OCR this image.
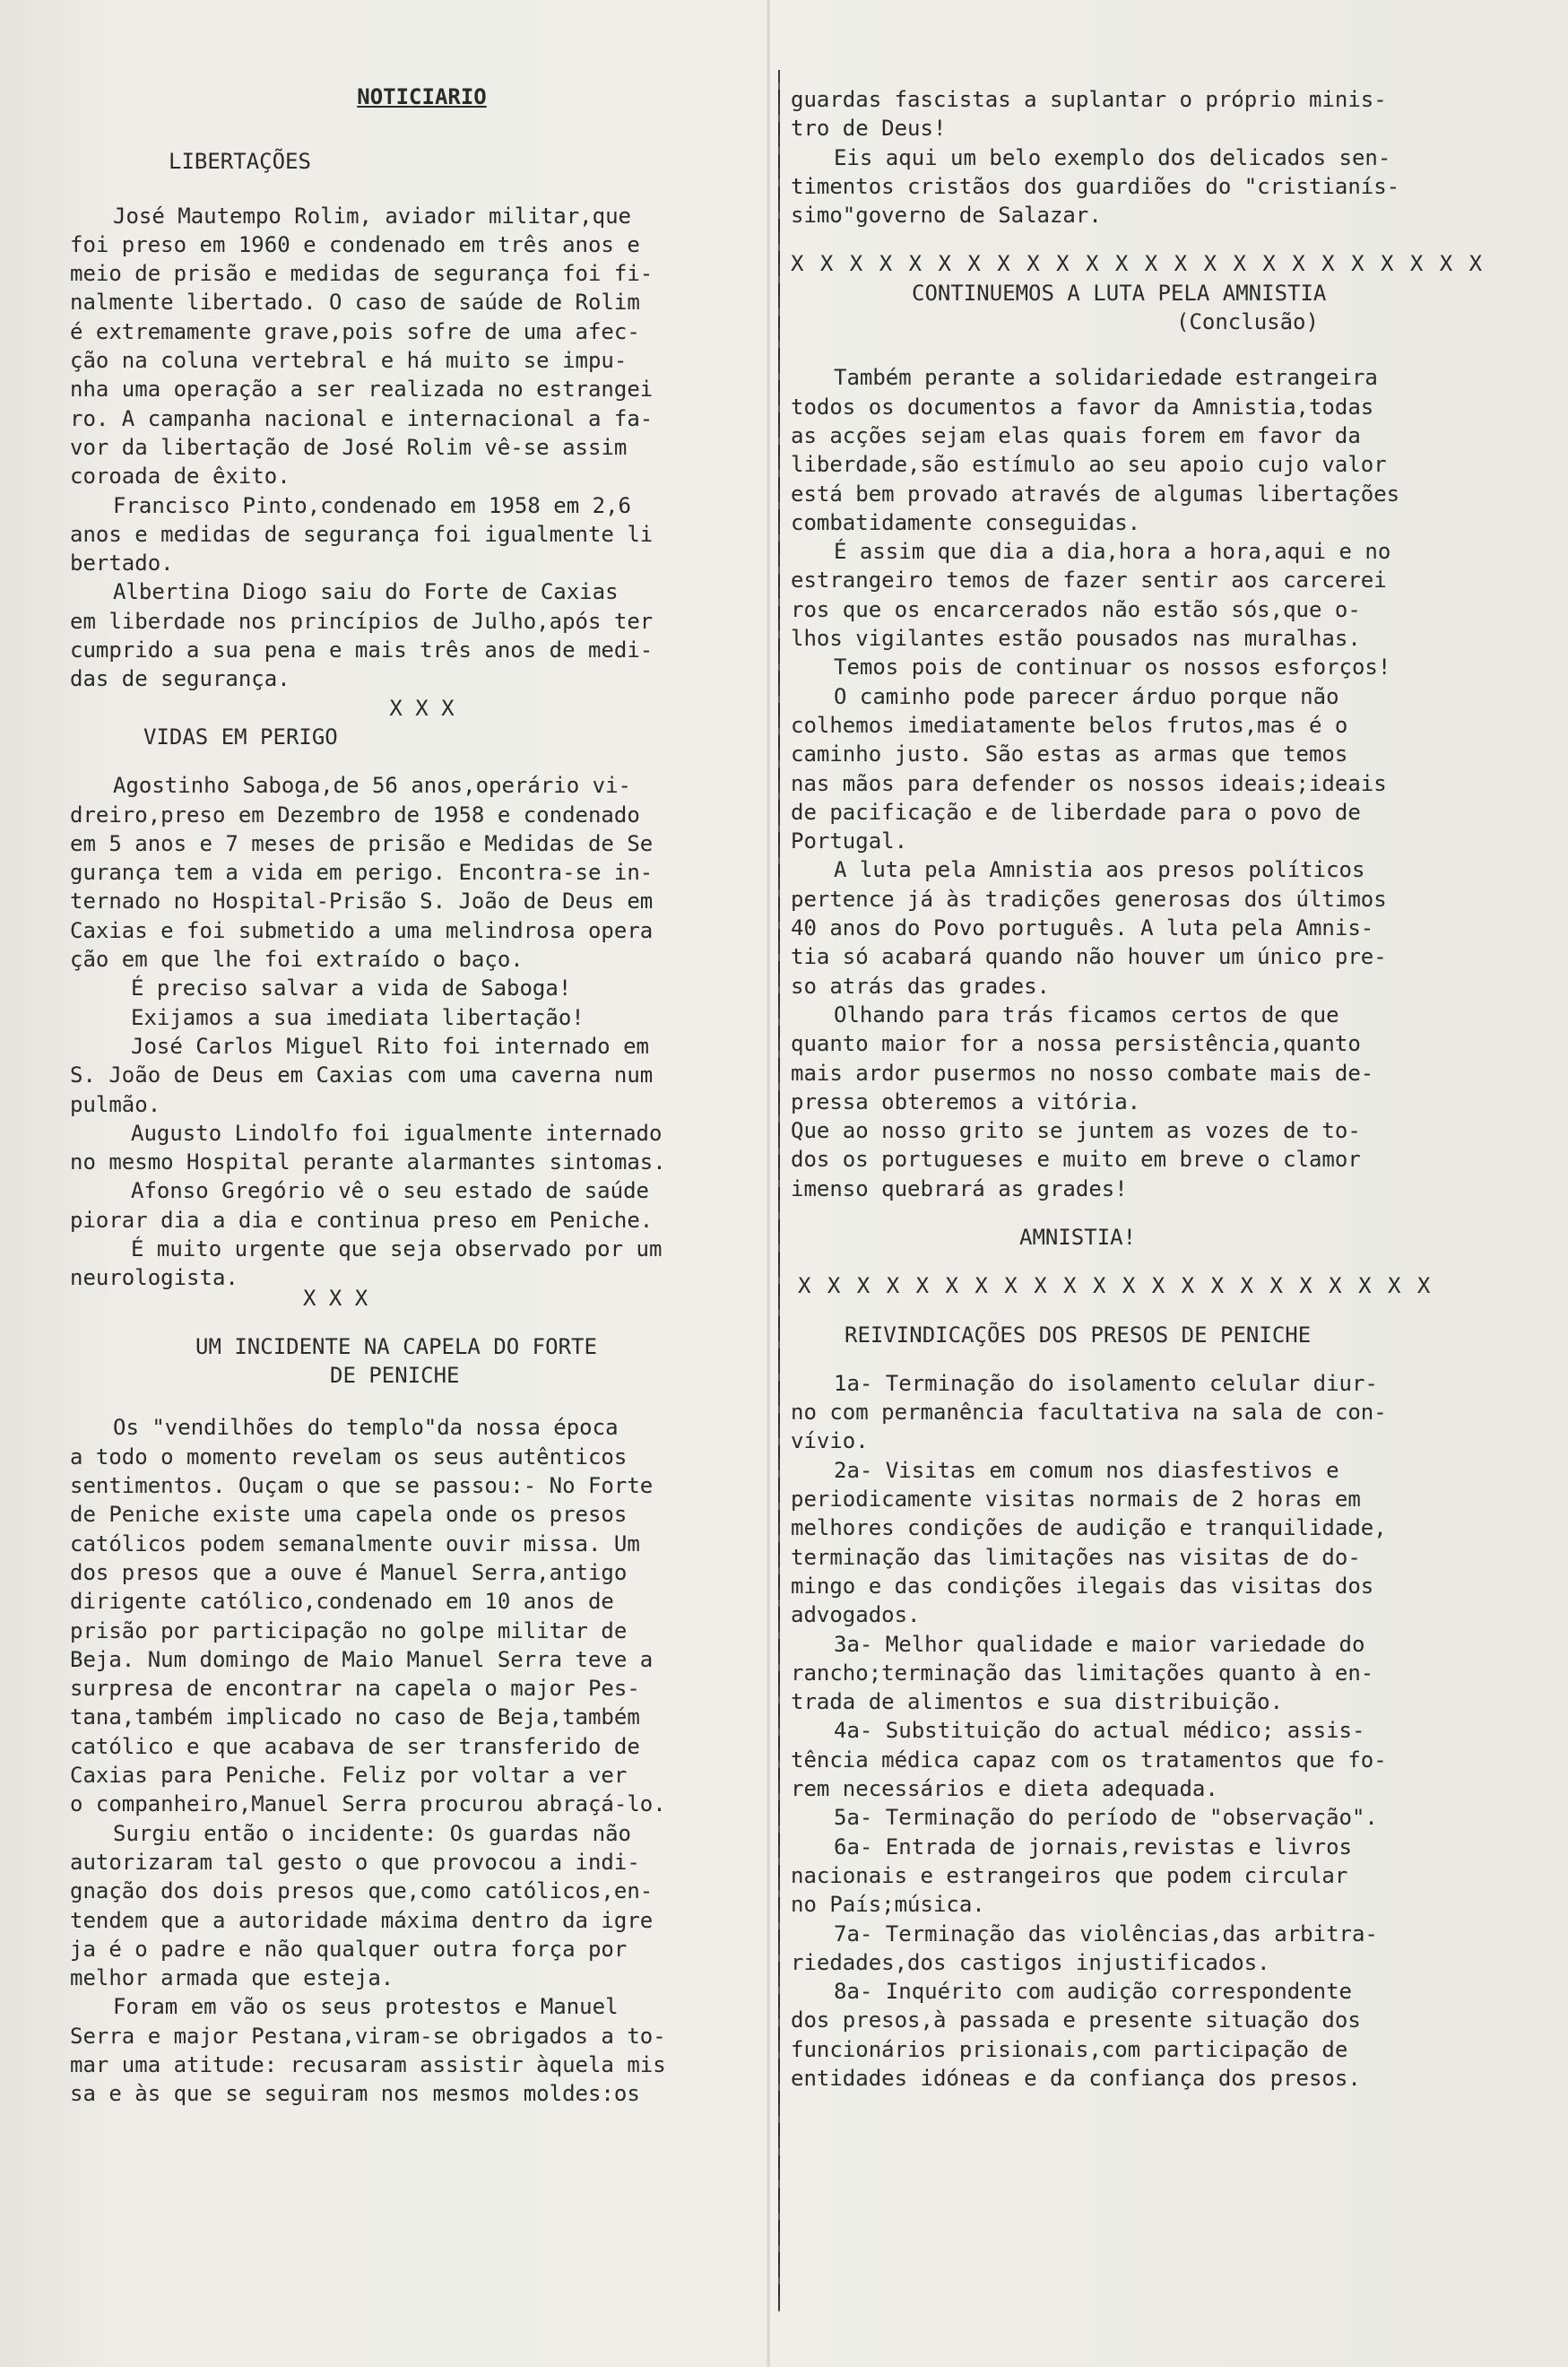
NOTICIARIO

LIBERTAÇÕES

José Mautempo Rolim, aviador militar,que

foi preso em 1960 e condenado em três anos e

meio de prisão e medidas de segurança foi fi-

nalmente libertado. O caso de saúde de Rolim

é extremamente grave,pois sofre de uma afec-

ção na coluna vertebral e há muito se impu-

nha uma operação a ser realizada no estrangei

ro. A campanha nacional e internacional a fa-

vor da libertação de José Rolim vê-se assim

coroada de êxito.

Francisco Pinto,condenado em 1958 em 2,6

anos e medidas de segurança foi igualmente li

bertado.

Albertina Diogo saiu do Forte de Caxias

em liberdade nos princípios de Julho,após ter

cumprido a sua pena e mais três anos de medi-

das de segurança.

X X X

VIDAS EM PERIGO

Agostinho Saboga,de 56 anos,operário vi-

dreiro,preso em Dezembro de 1958 e condenado

em 5 anos e 7 meses de prisão e Medidas de Se

gurança tem a vida em perigo. Encontra-se in-

ternado no Hospital-Prisão S. João de Deus em

Caxias e foi submetido a uma melindrosa opera

ção em que lhe foi extraído o baço.

É preciso salvar a vida de Saboga!

Exijamos a sua imediata libertação!

José Carlos Miguel Rito foi internado em

S. João de Deus em Caxias com uma caverna num

pulmão.

Augusto Lindolfo foi igualmente internado

no mesmo Hospital perante alarmantes sintomas.

Afonso Gregório vê o seu estado de saúde

piorar dia a dia e continua preso em Peniche.

É muito urgente que seja observado por um

neurologista.

X X X

UM INCIDENTE NA CAPELA DO FORTE

DE PENICHE

Os "vendilhões do templo"da nossa época

a todo o momento revelam os seus autênticos

sentimentos. Ouçam o que se passou:- No Forte

de Peniche existe uma capela onde os presos

católicos podem semanalmente ouvir missa. Um

dos presos que a ouve é Manuel Serra,antigo

dirigente católico,condenado em 10 anos de

prisão por participação no golpe militar de

Beja. Num domingo de Maio Manuel Serra teve a

surpresa de encontrar na capela o major Pes-

tana,também implicado no caso de Beja,também

católico e que acabava de ser transferido de

Caxias para Peniche. Feliz por voltar a ver

o companheiro,Manuel Serra procurou abraçá-lo.

Surgiu então o incidente: Os guardas não

autorizaram tal gesto o que provocou a indi-

gnação dos dois presos que,como católicos,en-

tendem que a autoridade máxima dentro da igre

ja é o padre e não qualquer outra força por

melhor armada que esteja.

Foram em vão os seus protestos e Manuel

Serra e major Pestana,viram-se obrigados a to-

mar uma atitude: recusaram assistir àquela mis

sa e às que se seguiram nos mesmos moldes:os

guardas fascistas a suplantar o próprio minis-

tro de Deus!

Eis aqui um belo exemplo dos delicados sen-

timentos cristãos dos guardiões do "cristianís-

simo"governo de Salazar.

X X X X X X X X X X X X X X X X X X X X X X X X

CONTINUEMOS A LUTA PELA AMNISTIA

(Conclusão)

Também perante a solidariedade estrangeira

todos os documentos a favor da Amnistia,todas

as acções sejam elas quais forem em favor da

liberdade,são estímulo ao seu apoio cujo valor

está bem provado através de algumas libertações

combatidamente conseguidas.

É assim que dia a dia,hora a hora,aqui e no

estrangeiro temos de fazer sentir aos carcerei

ros que os encarcerados não estão sós,que o-

lhos vigilantes estão pousados nas muralhas.

Temos pois de continuar os nossos esforços!

O caminho pode parecer árduo porque não

colhemos imediatamente belos frutos,mas é o

caminho justo. São estas as armas que temos

nas mãos para defender os nossos ideais;ideais

de pacificação e de liberdade para o povo de

Portugal.

A luta pela Amnistia aos presos políticos

pertence já às tradições generosas dos últimos

40 anos do Povo português. A luta pela Amnis-

tia só acabará quando não houver um único pre-

so atrás das grades.

Olhando para trás ficamos certos de que

quanto maior for a nossa persistência,quanto

mais ardor pusermos no nosso combate mais de-

pressa obteremos a vitória.

Que ao nosso grito se juntem as vozes de to-

dos os portugueses e muito em breve o clamor

imenso quebrará as grades!

AMNISTIA!

X X X X X X X X X X X X X X X X X X X X X X

REIVINDICAÇÕES DOS PRESOS DE PENICHE

1a- Terminação do isolamento celular diur-

no com permanência facultativa na sala de con-

vívio.

2a- Visitas em comum nos diasfestivos e

periodicamente visitas normais de 2 horas em

melhores condições de audição e tranquilidade,

terminação das limitações nas visitas de do-

mingo e das condições ilegais das visitas dos

advogados.

3a- Melhor qualidade e maior variedade do

rancho;terminação das limitações quanto à en-

trada de alimentos e sua distribuição.

4a- Substituição do actual médico; assis-

tência médica capaz com os tratamentos que fo-

rem necessários e dieta adequada.

5a- Terminação do período de "observação".

6a- Entrada de jornais,revistas e livros

nacionais e estrangeiros que podem circular

no País;música.

7a- Terminação das violências,das arbitra-

riedades,dos castigos injustificados.

8a- Inquérito com audição correspondente

dos presos,à passada e presente situação dos

funcionários prisionais,com participação de

entidades idóneas e da confiança dos presos.
